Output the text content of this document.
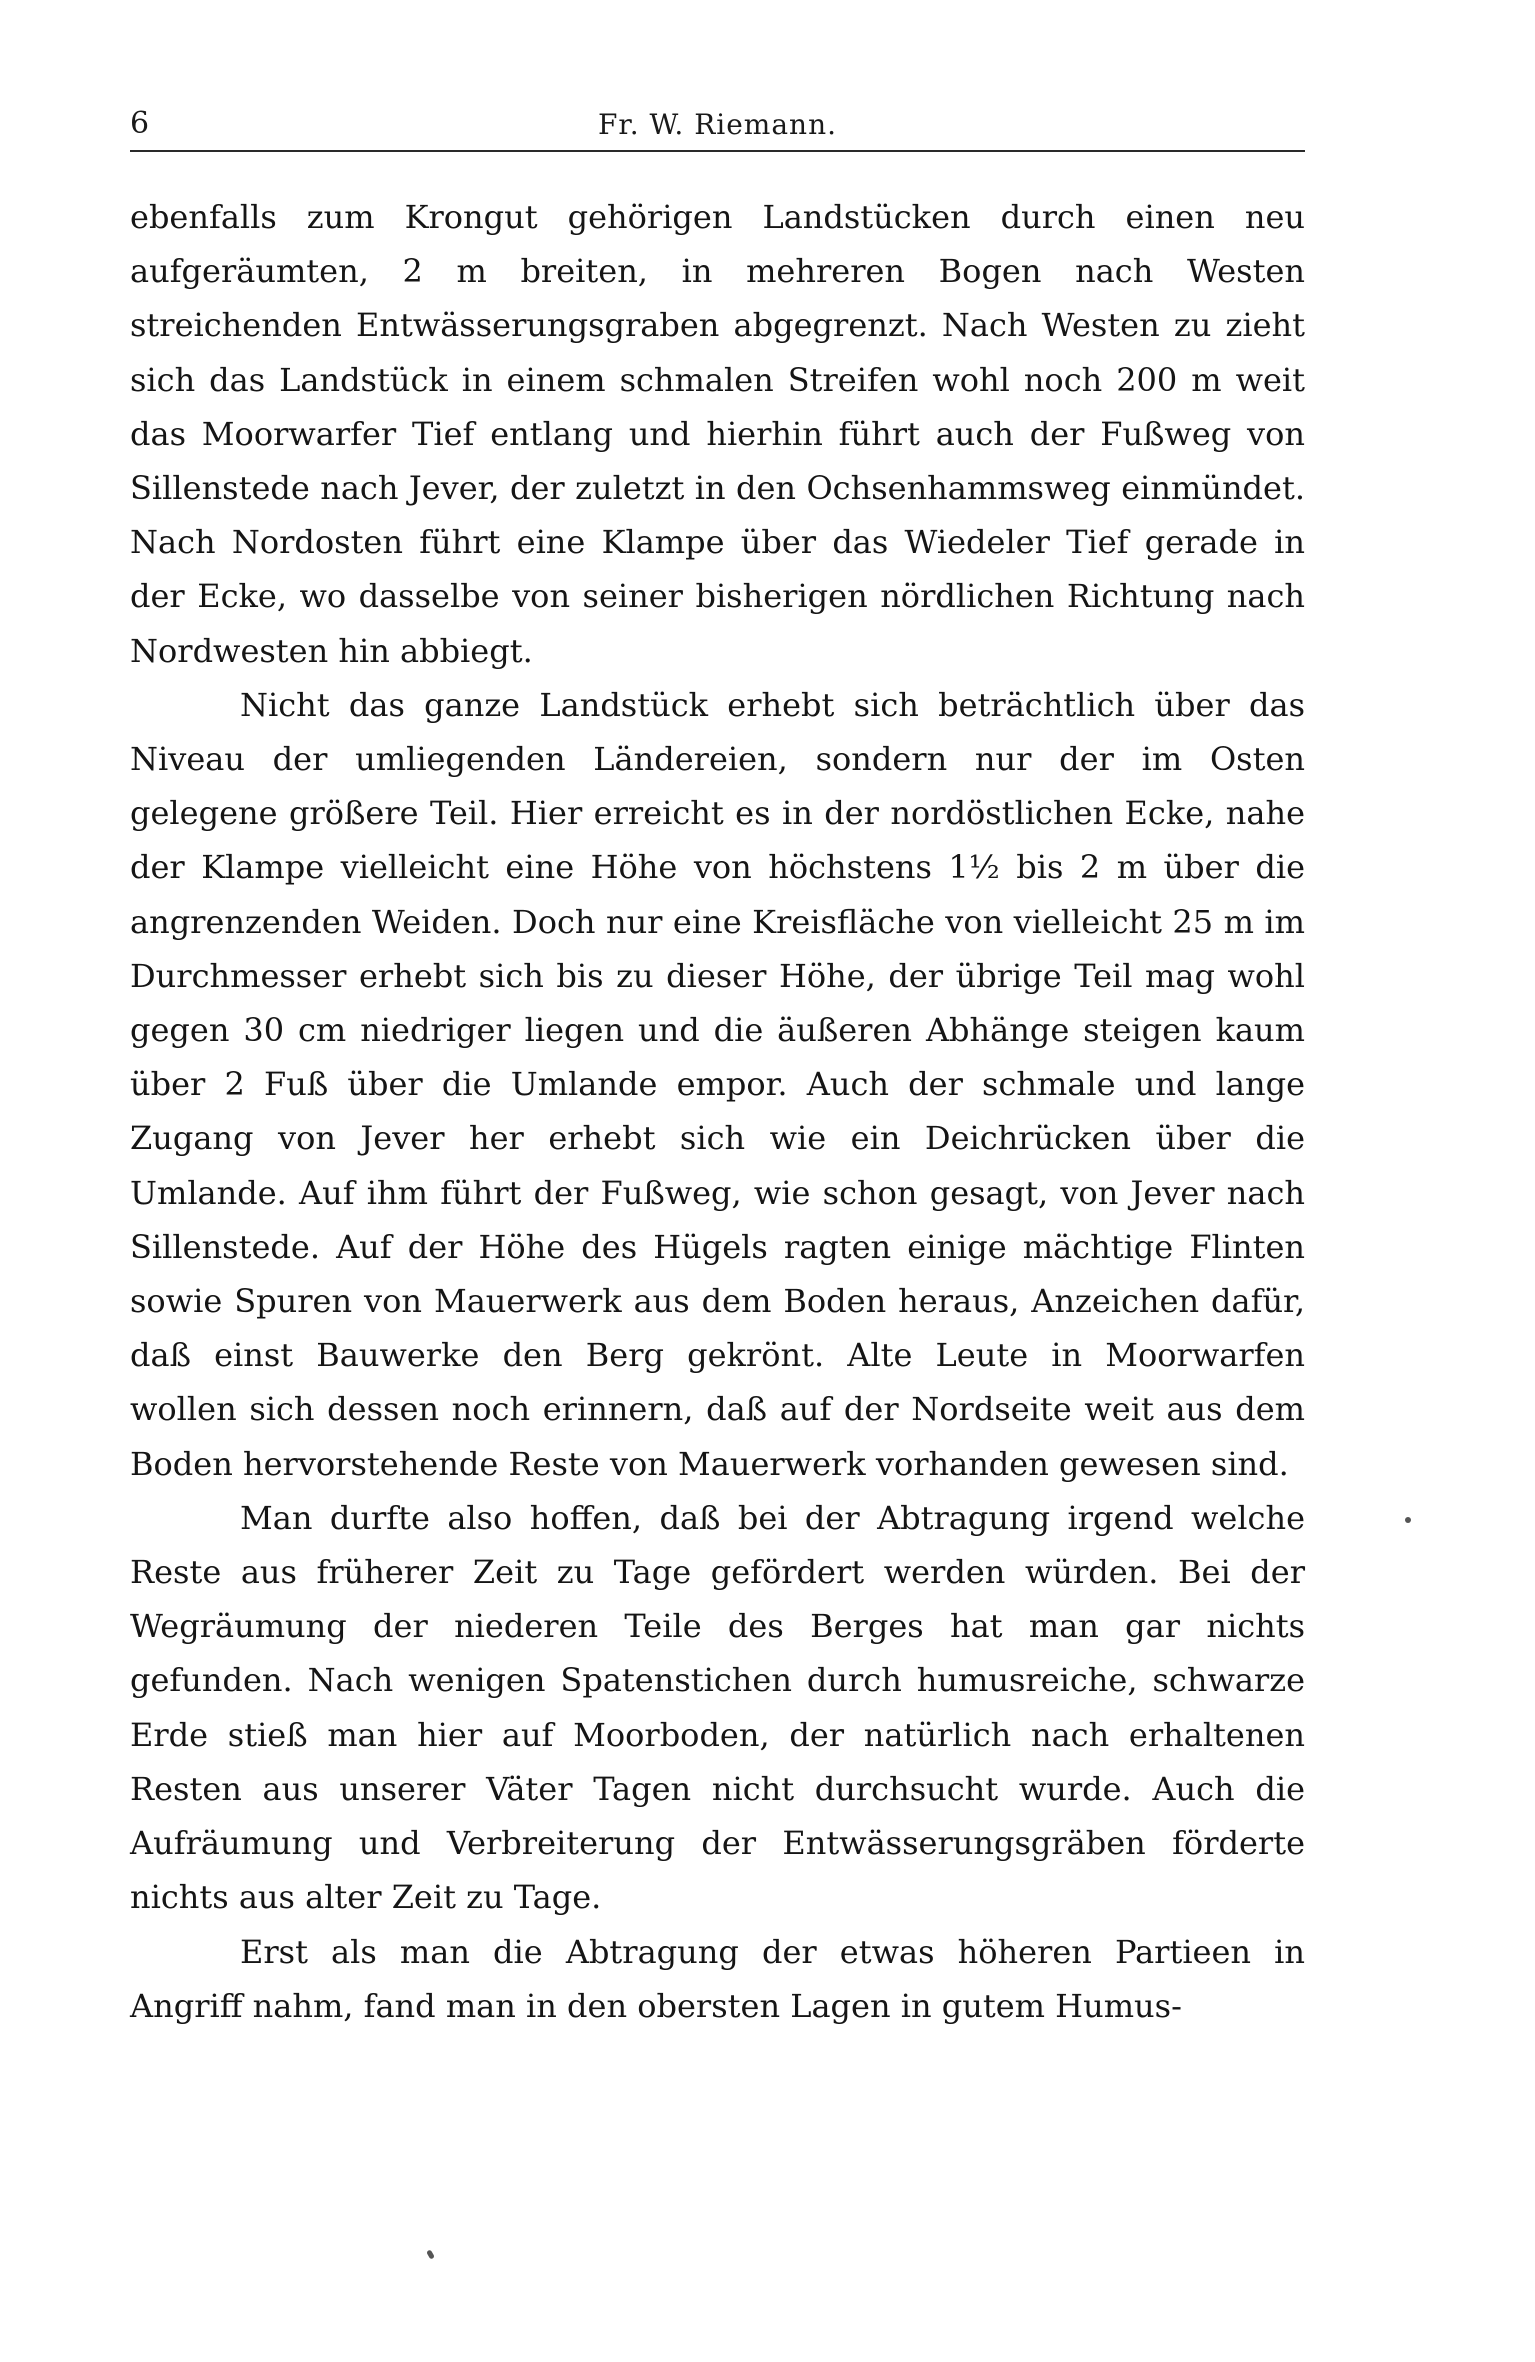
6	Fr. W. Riemann.

ebenfalls zum Krongut gehörigen Landstücken durch einen neu aufgeräumten, 2 m breiten, in mehreren Bogen nach Westen streichenden Entwässerungsgraben abgegrenzt. Nach Westen zu zieht sich das Landstück in einem schmalen Streifen wohl noch 200 m weit das Moorwarfer Tief entlang und hierhin führt auch der Fußweg von Sillenstede nach Jever, der zuletzt in den Ochsenhammsweg einmündet. Nach Nordosten führt eine Klampe über das Wiedeler Tief gerade in der Ecke, wo dasselbe von seiner bisherigen nördlichen Richtung nach Nordwesten hin abbiegt.

Nicht das ganze Landstück erhebt sich beträchtlich über das Niveau der umliegenden Ländereien, sondern nur der im Osten gelegene größere Teil. Hier erreicht es in der nordöstlichen Ecke, nahe der Klampe vielleicht eine Höhe von höchstens 1½ bis 2 m über die angrenzenden Weiden. Doch nur eine Kreisfläche von vielleicht 25 m im Durchmesser erhebt sich bis zu dieser Höhe, der übrige Teil mag wohl gegen 30 cm niedriger liegen und die äußeren Abhänge steigen kaum über 2 Fuß über die Umlande empor. Auch der schmale und lange Zugang von Jever her erhebt sich wie ein Deichrücken über die Umlande. Auf ihm führt der Fußweg, wie schon gesagt, von Jever nach Sillenstede. Auf der Höhe des Hügels ragten einige mächtige Flinten sowie Spuren von Mauerwerk aus dem Boden heraus, Anzeichen dafür, daß einst Bauwerke den Berg gekrönt. Alte Leute in Moorwarfen wollen sich dessen noch erinnern, daß auf der Nordseite weit aus dem Boden hervorstehende Reste von Mauerwerk vorhanden gewesen sind.

Man durfte also hoffen, daß bei der Abtragung irgend welche Reste aus früherer Zeit zu Tage gefördert werden würden. Bei der Wegräumung der niederen Teile des Berges hat man gar nichts gefunden. Nach wenigen Spatenstichen durch humusreiche, schwarze Erde stieß man hier auf Moorboden, der natürlich nach erhaltenen Resten aus unserer Väter Tagen nicht durchsucht wurde. Auch die Aufräumung und Verbreiterung der Entwässerungsgräben förderte nichts aus alter Zeit zu Tage.

Erst als man die Abtragung der etwas höheren Partieen in Angriff nahm, fand man in den obersten Lagen in gutem Humus-
